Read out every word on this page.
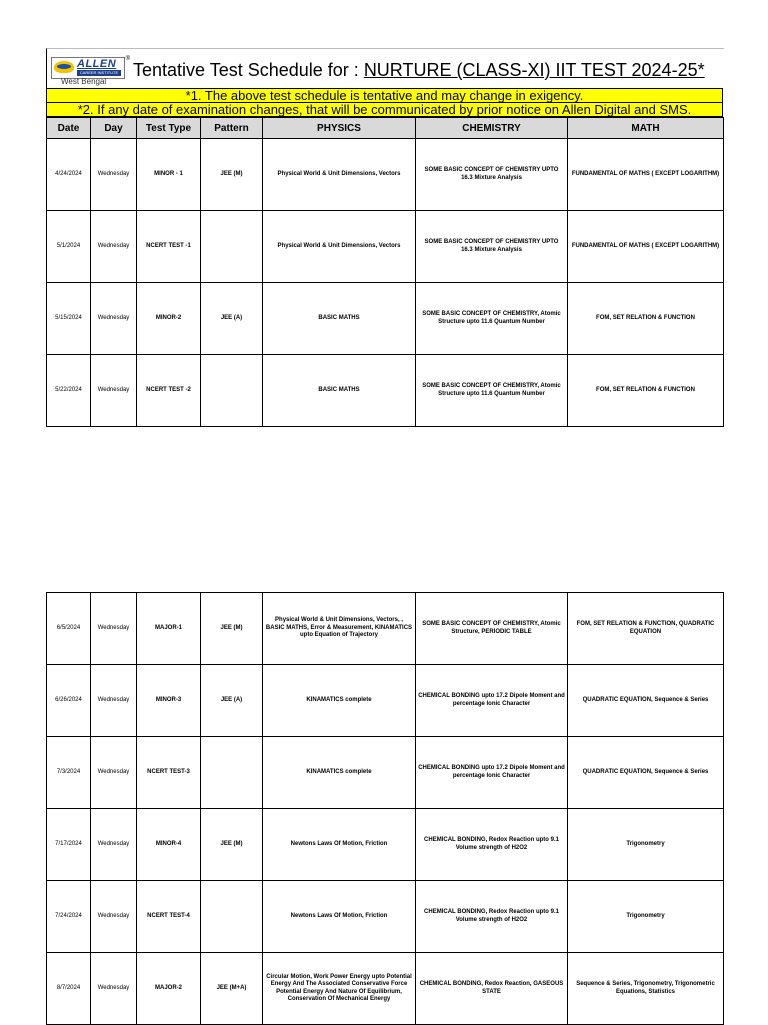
ALLEN
CAREER INSTITUTE
®
West Bengal
Tentative Test Schedule for : NURTURE (CLASS-XI) IIT TEST 2024-25*
*1. The above test schedule is tentative and may change in exigency.
*2. If any date of examination changes, that will be communicated by prior notice on Allen Digital and SMS.
Date	Day	Test Type	Pattern	PHYSICS	CHEMISTRY	MATH
4/24/2024	Wednesday	MINOR - 1	JEE (M)	Physical World & Unit Dimensions, Vectors	SOME BASIC CONCEPT OF CHEMISTRY UPTO 16.3 Mixture Analysis	FUNDAMENTAL OF MATHS ( EXCEPT LOGARITHM)
5/1/2024	Wednesday	NCERT TEST -1		Physical World & Unit Dimensions, Vectors	SOME BASIC CONCEPT OF CHEMISTRY UPTO 16.3 Mixture Analysis	FUNDAMENTAL OF MATHS ( EXCEPT LOGARITHM)
5/15/2024	Wednesday	MINOR-2	JEE (A)	BASIC MATHS	SOME BASIC CONCEPT OF CHEMISTRY, Atomic Structure upto 11.6 Quantum Number	FOM, SET RELATION & FUNCTION
5/22/2024	Wednesday	NCERT TEST -2		BASIC MATHS	SOME BASIC CONCEPT OF CHEMISTRY, Atomic Structure upto 11.6 Quantum Number	FOM, SET RELATION & FUNCTION
6/5/2024	Wednesday	MAJOR-1	JEE (M)	Physical World & Unit Dimensions, Vectors, , BASIC MATHS, Error & Measurement, KINAMATICS upto Equation of Trajectory	SOME BASIC CONCEPT OF CHEMISTRY, Atomic Structure, PERIODIC TABLE	FOM, SET RELATION & FUNCTION, QUADRATIC EQUATION
6/26/2024	Wednesday	MINOR-3	JEE (A)	KINAMATICS complete	CHEMICAL BONDING upto 17.2 Dipole Moment and percentage Ionic Character	QUADRATIC EQUATION, Sequence & Series
7/3/2024	Wednesday	NCERT TEST-3		KINAMATICS complete	CHEMICAL BONDING upto 17.2 Dipole Moment and percentage Ionic Character	QUADRATIC EQUATION, Sequence & Series
7/17/2024	Wednesday	MINOR-4	JEE (M)	Newtons Laws Of Motion, Friction	CHEMICAL BONDING, Redox Reaction upto 9.1 Volume strength of H2O2	Trigonometry
7/24/2024	Wednesday	NCERT TEST-4		Newtons Laws Of Motion, Friction	CHEMICAL BONDING, Redox Reaction upto 9.1 Volume strength of H2O2	Trigonometry
8/7/2024	Wednesday	MAJOR-2	JEE (M+A)	Circular Motion, Work Power Energy upto Potential Energy And The Associated Conservative Force Potential Energy And Nature Of Equilibrium, Conservation Of Mechanical Energy	CHEMICAL BONDING, Redox Reaction, GASEOUS STATE	Sequence & Series, Trigonometry, Trigonometric Equations, Statistics
